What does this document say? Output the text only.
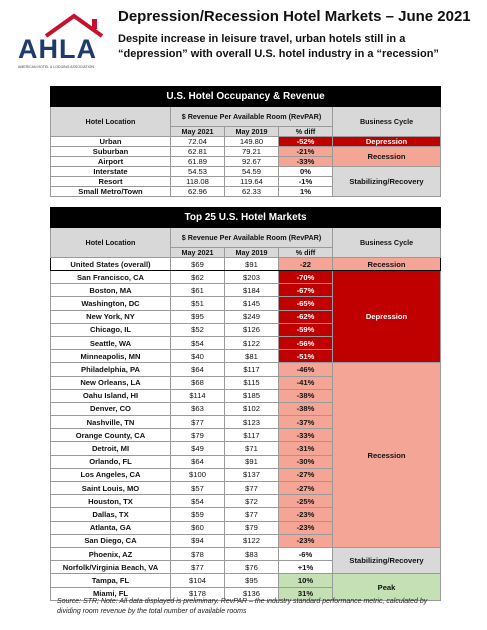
AHLA
AMERICAN HOTEL & LODGING ASSOCIATION
Depression/Recession Hotel Markets – June 2021
Despite increase in leisure travel, urban hotels still in a “depression” with overall U.S. hotel industry in a “recession”
U.S. Hotel Occupancy & Revenue				
Hotel Location	$ Revenue Per Available Room (RevPAR)			Business Cycle
	May 2021	May 2019	% diff	
Urban	72.04	149.80	-52%	Depression
Suburban	62.81	79.21	-21%	Recession
Airport	61.89	92.67	-33%	
Interstate	54.53	54.59	0%	Stabilizing/Recovery
Resort	118.08	119.64	-1%	
Small Metro/Town	62.96	62.33	1%	
Top 25 U.S. Hotel Markets				
Hotel Location	$ Revenue Per Available Room (RevPAR)			Business Cycle
	May 2021	May 2019	% diff	
United States (overall)	$69	$91	-22	Recession
San Francisco, CA	$62	$203	-70%	Depression
Boston, MA	$61	$184	-67%	
Washington, DC	$51	$145	-65%	
New York, NY	$95	$249	-62%	
Chicago, IL	$52	$126	-59%	
Seattle, WA	$54	$122	-56%	
Minneapolis, MN	$40	$81	-51%	
Philadelphia, PA	$64	$117	-46%	Recession
New Orleans, LA	$68	$115	-41%	
Oahu Island, HI	$114	$185	-38%	
Denver, CO	$63	$102	-38%	
Nashville, TN	$77	$123	-37%	
Orange County, CA	$79	$117	-33%	
Detroit, MI	$49	$71	-31%	
Orlando, FL	$64	$91	-30%	
Los Angeles, CA	$100	$137	-27%	
Saint Louis, MO	$57	$77	-27%	
Houston, TX	$54	$72	-25%	
Dallas, TX	$59	$77	-23%	
Atlanta, GA	$60	$79	-23%	
San Diego, CA	$94	$122	-23%	
Phoenix, AZ	$78	$83	-6%	Stabilizing/Recovery
Norfolk/Virginia Beach, VA	$77	$76	+1%	
Tampa, FL	$104	$95	10%	Peak
Miami, FL	$178	$136	31%	
Source: STR; Note: All data displayed is preliminary. RevPAR – the industry standard performance metric, calculated by dividing room revenue by the total number of available rooms
